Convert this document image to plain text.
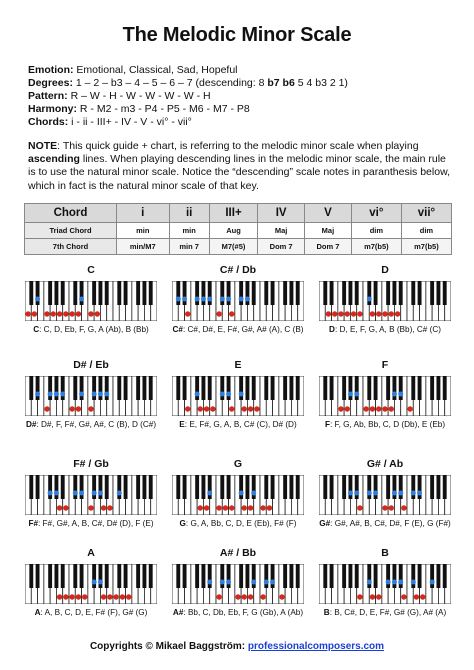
The Melodic Minor Scale
Emotion: Emotional, Classical, Sad, Hopeful
Degrees: 1 – 2 – b3 – 4 – 5 – 6 – 7 (descending: 8 b7 b6 5 4 b3 2 1)
Pattern: R – W - H - W - W - W - W - H
Harmony: R - M2 - m3 - P4 - P5 - M6 - M7 - P8
Chords: i - ii - III+ - IV - V - vi° - vii°
NOTE: This quick guide + chart, is referring to the melodic minor scale when playing ascending lines. When playing descending lines in the melodic minor scale, the main rule is to use the natural minor scale. Notice the “descending” scale notes in paranthesis below, which in fact is the natural minor scale of that key.
Chord	i	ii	III+	IV	V	vi°	vii°
Triad Chord	min	min	Aug	Maj	Maj	dim	dim
7th Chord	min/M7	min 7	M7(#5)	Dom 7	Dom 7	m7(b5)	m7(b5)
C
C: C, D, Eb, F, G, A (Ab), B (Bb)
C# / Db
C#: C#, D#, E, F#, G#, A# (A), C (B)
D
D: D, E, F, G, A, B (Bb), C# (C)
D# / Eb
D#: D#, F, F#, G#, A#, C (B), D (C#)
E
E: E, F#, G, A, B, C# (C), D# (D)
F
F: F, G, Ab, Bb, C, D (Db), E (Eb)
F# / Gb
F#: F#, G#, A, B, C#, D# (D), F (E)
G
G: G, A, Bb, C, D, E (Eb), F# (F)
G# / Ab
G#: G#, A#, B, C#, D#, F (E), G (F#)
A
A: A, B, C, D, E, F# (F), G# (G)
A# / Bb
A#: Bb, C, Db, Eb, F, G (Gb), A (Ab)
B
B: B, C#, D, E, F#, G# (G), A# (A)
Copyrights © Mikael Baggström: professionalcomposers.com
